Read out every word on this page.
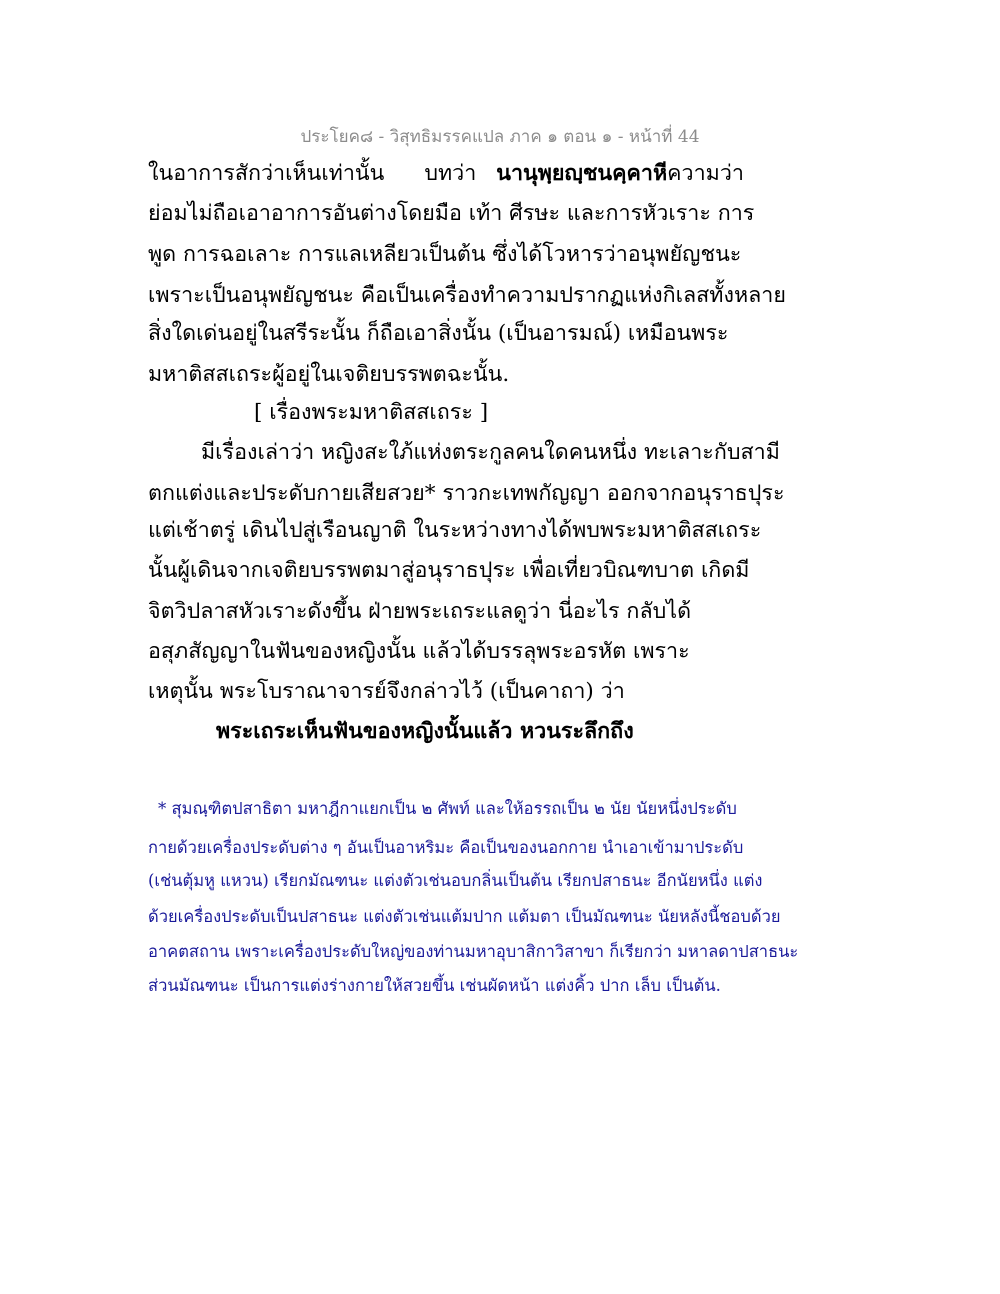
ประโยค๘ - วิสุทธิมรรคแปล ภาค ๑ ตอน ๑ - หน้าที่ 44
ในอาการสักว่าเห็นเท่านั้น บทว่า นานุพฺยญฺชนคฺคาหี ความว่า
ย่อมไม่ถือเอาอาการอันต่างโดยมือ เท้า ศีรษะ และการหัวเราะ การ
พูด การฉอเลาะ การแลเหลียวเป็นต้น ซึ่งได้โวหารว่าอนุพยัญชนะ
เพราะเป็นอนุพยัญชนะ คือเป็นเครื่องทำความปรากฏแห่งกิเลสทั้งหลาย
สิ่งใดเด่นอยู่ในสรีระนั้น ก็ถือเอาสิ่งนั้น (เป็นอารมณ์) เหมือนพระ
มหาติสสเถระผู้อยู่ในเจติยบรรพตฉะนั้น.
[ เรื่องพระมหาติสสเถระ ]
มีเรื่องเล่าว่า หญิงสะใภ้แห่งตระกูลคนใดคนหนึ่ง ทะเลาะกับสามี
ตกแต่งและประดับกายเสียสวย* ราวกะเทพกัญญา ออกจากอนุราธปุระ
แต่เช้าตรู่ เดินไปสู่เรือนญาติ ในระหว่างทางได้พบพระมหาติสสเถระ
นั้นผู้เดินจากเจติยบรรพตมาสู่อนุราธปุระ เพื่อเที่ยวบิณฑบาต เกิดมี
จิตวิปลาสหัวเราะดังขึ้น ฝ่ายพระเถระแลดูว่า นี่อะไร กลับได้
อสุภสัญญาในฟันของหญิงนั้น แล้วได้บรรลุพระอรหัต เพราะ
เหตุนั้น พระโบราณาจารย์จึงกล่าวไว้ (เป็นคาถา) ว่า
พระเถระเห็นฟันของหญิงนั้นแล้ว หวนระลึกถึง
* สุมณฺฑิตปสาธิตา มหาฎีกาแยกเป็น ๒ ศัพท์ และให้อรรถเป็น ๒ นัย นัยหนึ่งประดับ
กายด้วยเครื่องประดับต่าง ๆ อันเป็นอาหริมะ คือเป็นของนอกกาย นำเอาเข้ามาประดับ
(เช่นตุ้มหู แหวน) เรียกมัณฑนะ แต่งตัวเช่นอบกลิ่นเป็นต้น เรียกปสาธนะ อีกนัยหนึ่ง แต่ง
ด้วยเครื่องประดับเป็นปสาธนะ แต่งตัวเช่นแต้มปาก แต้มตา เป็นมัณฑนะ นัยหลังนี้ชอบด้วย
อาคตสถาน เพราะเครื่องประดับใหญ่ของท่านมหาอุบาสิกาวิสาขา ก็เรียกว่า มหาลดาปสาธนะ
ส่วนมัณฑนะ เป็นการแต่งร่างกายให้สวยขึ้น เช่นผัดหน้า แต่งคิ้ว ปาก เล็บ เป็นต้น.
